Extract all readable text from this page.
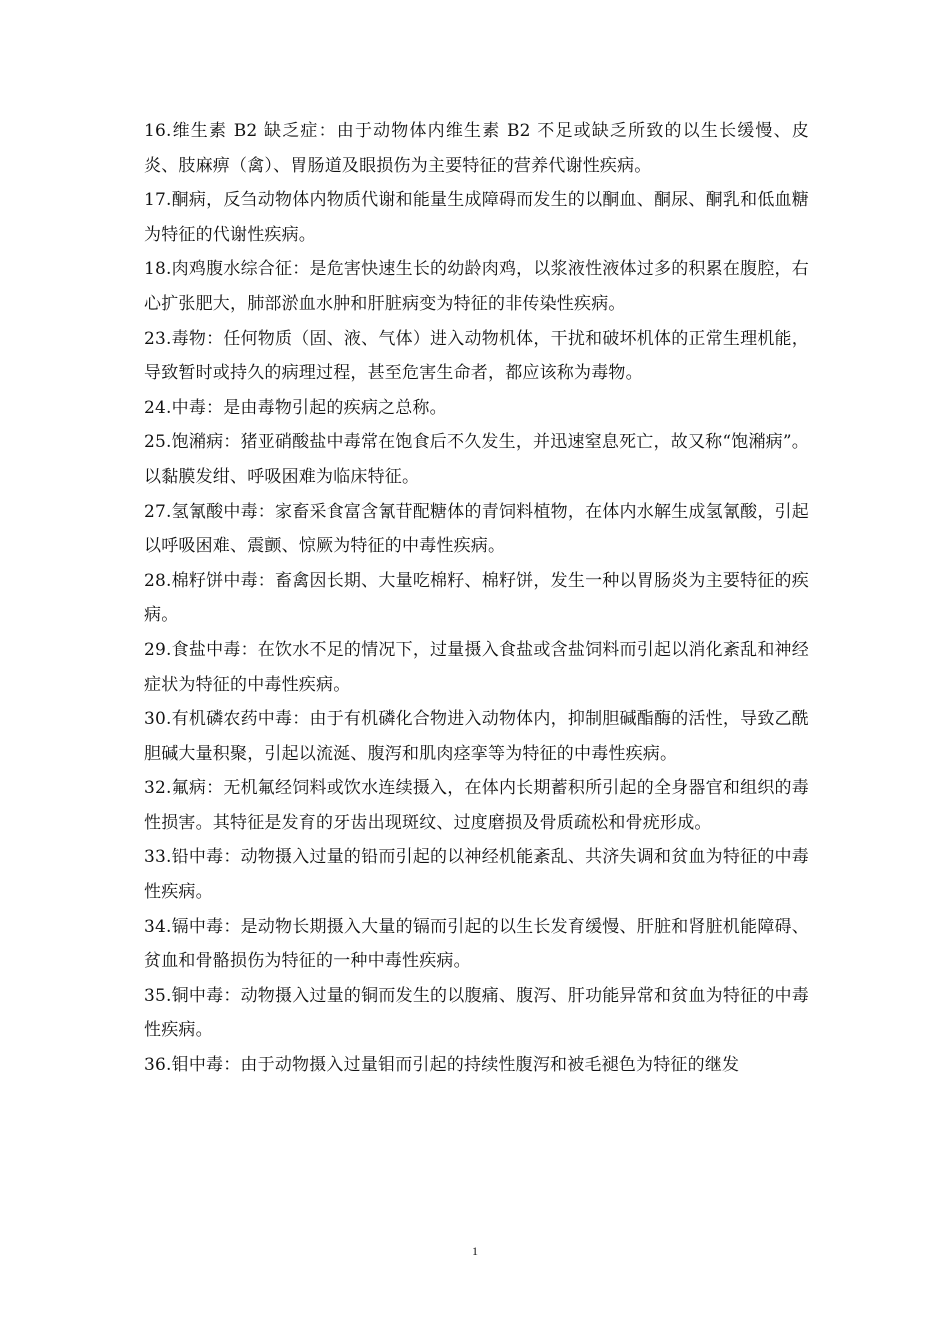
16.维生素 B2 缺乏症：由于动物体内维生素 B2 不足或缺乏所致的以生长缓慢、皮炎、肢麻痹（禽）、胃肠道及眼损伤为主要特征的营养代谢性疾病。

17.酮病，反刍动物体内物质代谢和能量生成障碍而发生的以酮血、酮尿、酮乳和低血糖为特征的代谢性疾病。

18.肉鸡腹水综合征：是危害快速生长的幼龄肉鸡，以浆液性液体过多的积累在腹腔，右心扩张肥大，肺部淤血水肿和肝脏病变为特征的非传染性疾病。

23.毒物：任何物质（固、液、气体）进入动物机体，干扰和破坏机体的正常生理机能，导致暂时或持久的病理过程，甚至危害生命者，都应该称为毒物。

24.中毒：是由毒物引起的疾病之总称。

25.饱潲病：猪亚硝酸盐中毒常在饱食后不久发生，并迅速窒息死亡，故又称“饱潲病”。以黏膜发绀、呼吸困难为临床特征。

27.氢氰酸中毒：家畜采食富含氰苷配糖体的青饲料植物，在体内水解生成氢氰酸，引起以呼吸困难、震颤、惊厥为特征的中毒性疾病。

28.棉籽饼中毒：畜禽因长期、大量吃棉籽、棉籽饼，发生一种以胃肠炎为主要特征的疾病。

29.食盐中毒：在饮水不足的情况下，过量摄入食盐或含盐饲料而引起以消化紊乱和神经症状为特征的中毒性疾病。

30.有机磷农药中毒：由于有机磷化合物进入动物体内，抑制胆碱酯酶的活性，导致乙酰胆碱大量积聚，引起以流涎、腹泻和肌肉痉挛等为特征的中毒性疾病。

32.氟病：无机氟经饲料或饮水连续摄入，在体内长期蓄积所引起的全身器官和组织的毒性损害。其特征是发育的牙齿出现斑纹、过度磨损及骨质疏松和骨疣形成。

33.铅中毒：动物摄入过量的铅而引起的以神经机能紊乱、共济失调和贫血为特征的中毒性疾病。

34.镉中毒：是动物长期摄入大量的镉而引起的以生长发育缓慢、肝脏和肾脏机能障碍、贫血和骨骼损伤为特征的一种中毒性疾病。

35.铜中毒：动物摄入过量的铜而发生的以腹痛、腹泻、肝功能异常和贫血为特征的中毒性疾病。

36.钼中毒：由于动物摄入过量钼而引起的持续性腹泻和被毛褪色为特征的继发

1
